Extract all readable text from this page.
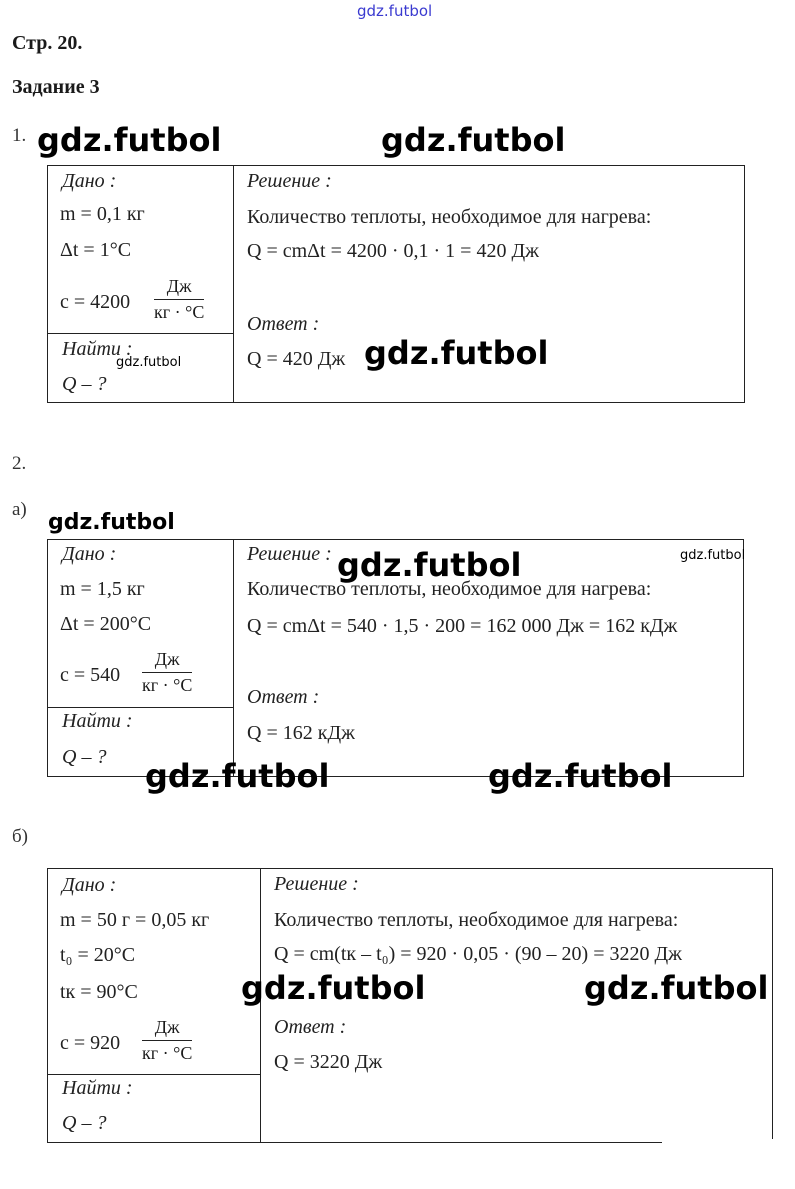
gdz.futbol
Стр. 20.
Задание 3
1.
Дано :
m = 0,1 кг
Δt = 1°C
c = 4200
Дж
кг · °C
Найти :
Q – ?
Решение :
Количество теплоты, необходимое для нагрева:
Q = cmΔt = 4200 · 0,1 · 1 = 420 Дж
Ответ :
Q = 420 Дж
2.
а)
Дано :
m = 1,5 кг
Δt = 200°C
c = 540
Дж
кг · °C
Найти :
Q – ?
Решение :
Количество теплоты, необходимое для нагрева:
Q = cmΔt = 540 · 1,5 · 200 = 162 000 Дж = 162 кДж
Ответ :
Q = 162 кДж
б)
Дано :
m = 50 г = 0,05 кг
t₀ = 20°C
tк = 90°C
c = 920
Дж
кг · °C
Найти :
Q – ?
Решение :
Количество теплоты, необходимое для нагрева:
Q = cm(tк – t₀) = 920 · 0,05 · (90 – 20) = 3220 Дж
Ответ :
Q = 3220 Дж
gdz.futbol	gdz.futbol
gdz.futbol
gdz.futbol
gdz.futbol
gdz.futbol	gdz.futbol
gdz.futbol	gdz.futbol
gdz.futbol	gdz.futbol
